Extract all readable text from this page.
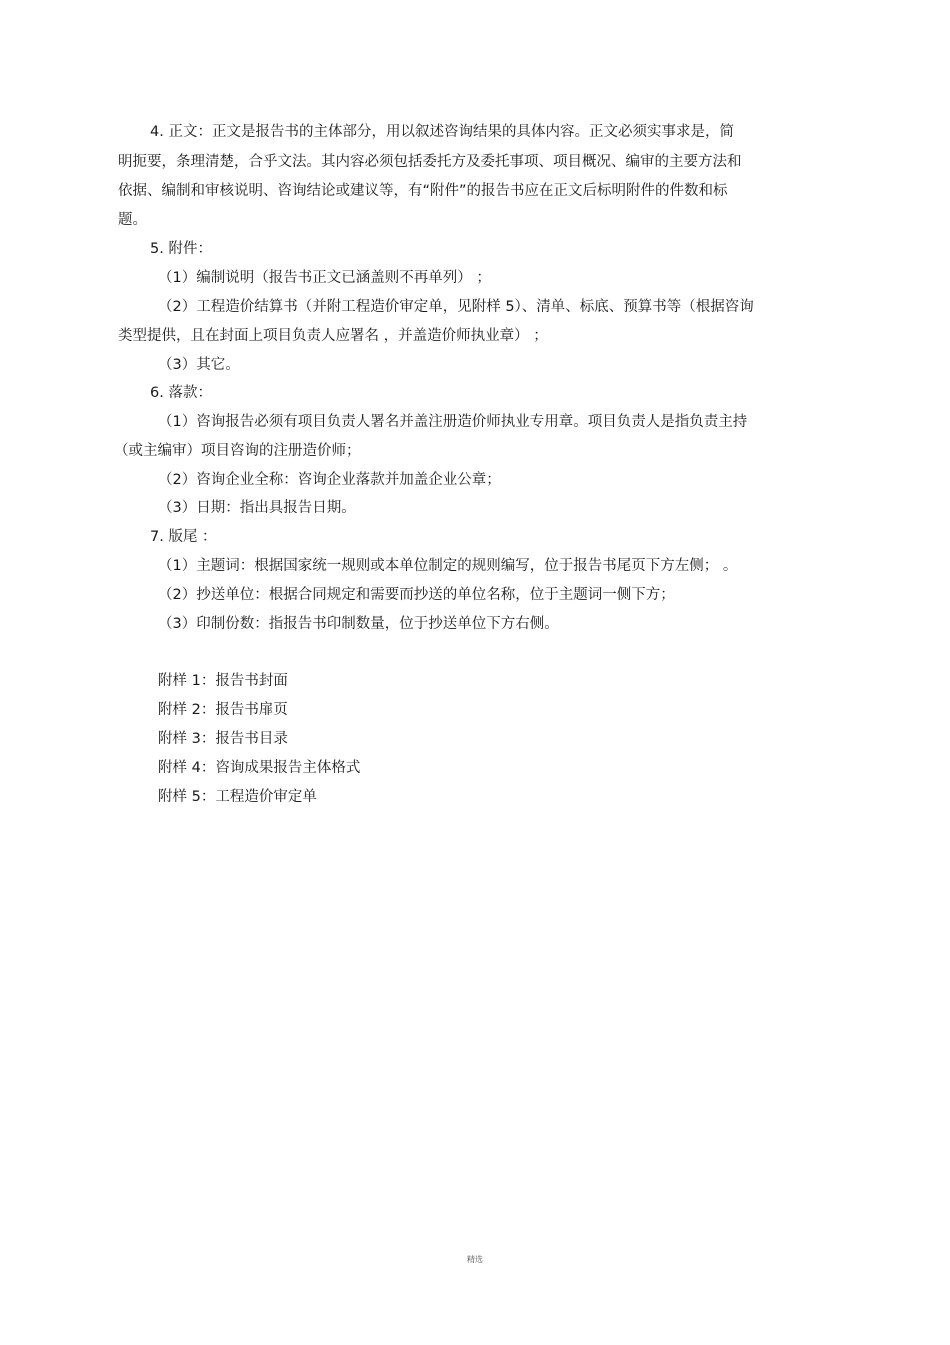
4. 正文：正文是报告书的主体部分，用以叙述咨询结果的具体内容。正文必须实事求是，简
明扼要，条理清楚，合乎文法。其内容必须包括委托方及委托事项、项目概况、编审的主要方法和
依据、编制和审核说明、咨询结论或建议等，有“附件”的报告书应在正文后标明附件的件数和标
题。
5. 附件：
（1）编制说明（报告书正文已涵盖则不再单列） ；
（2）工程造价结算书（并附工程造价审定单，见附样 5）、清单、标底、预算书等（根据咨询
类型提供，且在封面上项目负责人应署名 ，并盖造价师执业章） ；
（3）其它。
6. 落款：
（1）咨询报告必须有项目负责人署名并盖注册造价师执业专用章。项目负责人是指负责主持
（或主编审）项目咨询的注册造价师；
（2）咨询企业全称：咨询企业落款并加盖企业公章；
（3）日期：指出具报告日期。
7. 版尾 ：
（1）主题词：根据国家统一规则或本单位制定的规则编写，位于报告书尾页下方左侧； 。
（2）抄送单位：根据合同规定和需要而抄送的单位名称，位于主题词一侧下方；
（3）印制份数：指报告书印制数量，位于抄送单位下方右侧。
附样 1：报告书封面
附样 2：报告书扉页
附样 3：报告书目录
附样 4：咨询成果报告主体格式
附样 5：工程造价审定单
精选
